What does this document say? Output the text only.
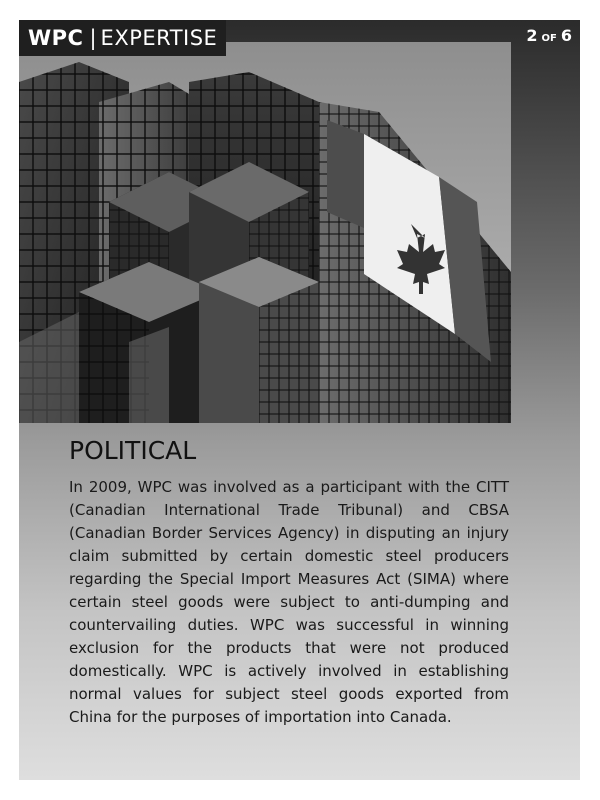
WPC | EXPERTISE	2 OF 6
POLITICAL

In 2009, WPC was involved as a participant with the CITT (Canadian International Trade Tribunal) and CBSA (Canadian Border Services Agency) in disputing an injury claim submitted by certain domestic steel producers regarding the Special Import Measures Act (SIMA) where certain steel goods were subject to anti-dumping and countervailing duties. WPC was successful in winning exclusion for the products that were not produced domestically. WPC is actively involved in establishing normal values for subject steel goods exported from China for the purposes of importation into Canada.
